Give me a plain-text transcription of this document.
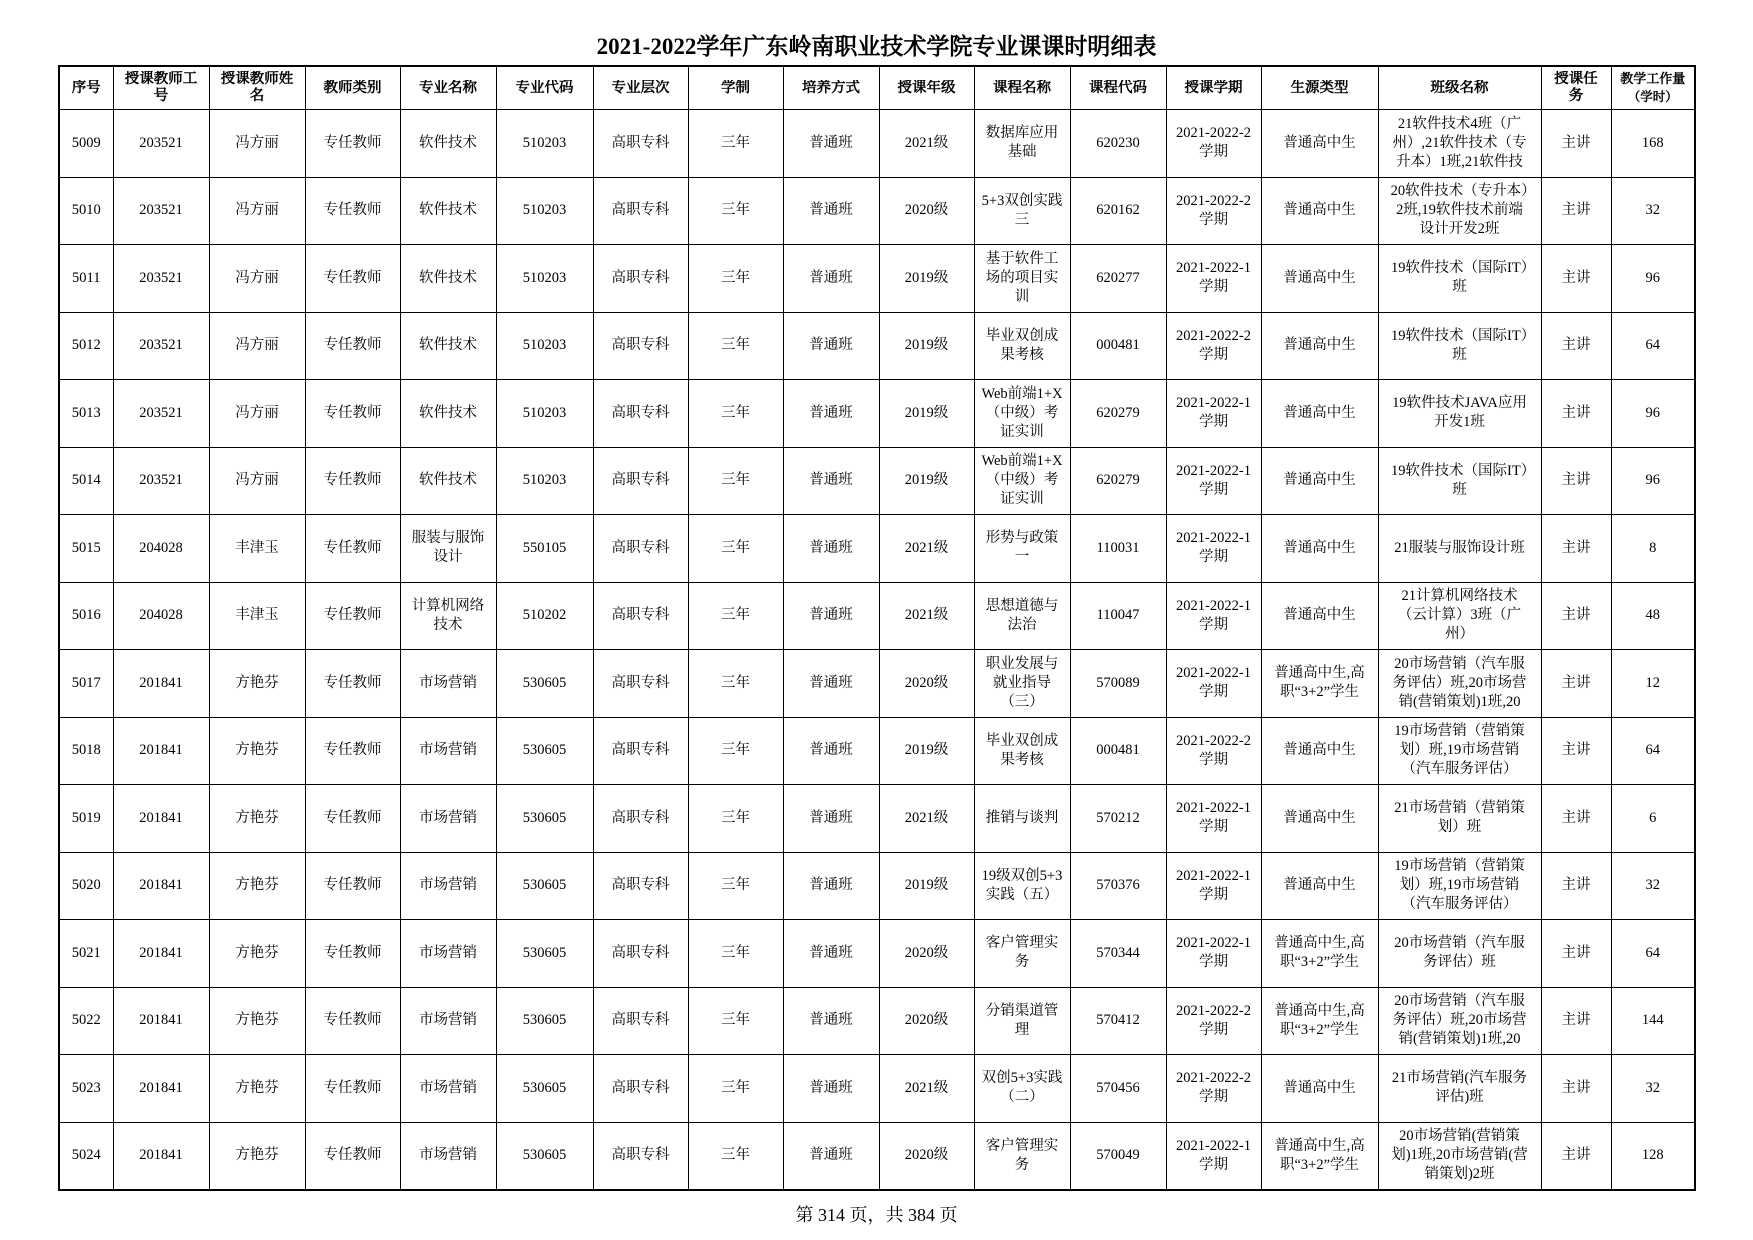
2021-2022学年广东岭南职业技术学院专业课课时明细表
序号	授课教师工号	授课教师姓名	教师类别	专业名称	专业代码	专业层次	学制	培养方式	授课年级	课程名称	课程代码	授课学期	生源类型	班级名称	授课任务	教学工作量
（学时）

5009	203521	冯方丽	专任教师	软件技术	510203	高职专科	三年	普通班	2021级	数据库应用基础	620230	2021-2022-2学期	普通高中生	21软件技术4班（广州）,21软件技术（专升本）1班,21软件技	主讲	168

5010	203521	冯方丽	专任教师	软件技术	510203	高职专科	三年	普通班	2020级	5+3双创实践三	620162	2021-2022-2学期	普通高中生	20软件技术（专升本）2班,19软件技术前端设计开发2班	主讲	32

5011	203521	冯方丽	专任教师	软件技术	510203	高职专科	三年	普通班	2019级	基于软件工场的项目实训	620277	2021-2022-1学期	普通高中生	19软件技术（国际IT）班	主讲	96

5012	203521	冯方丽	专任教师	软件技术	510203	高职专科	三年	普通班	2019级	毕业双创成果考核	000481	2021-2022-2学期	普通高中生	19软件技术（国际IT）班	主讲	64

5013	203521	冯方丽	专任教师	软件技术	510203	高职专科	三年	普通班	2019级	Web前端1+X（中级）考证实训	620279	2021-2022-1学期	普通高中生	19软件技术JAVA应用开发1班	主讲	96

5014	203521	冯方丽	专任教师	软件技术	510203	高职专科	三年	普通班	2019级	Web前端1+X（中级）考证实训	620279	2021-2022-1学期	普通高中生	19软件技术（国际IT）班	主讲	96

5015	204028	丰津玉	专任教师	服装与服饰设计	550105	高职专科	三年	普通班	2021级	形势与政策一	110031	2021-2022-1学期	普通高中生	21服装与服饰设计班	主讲	8

5016	204028	丰津玉	专任教师	计算机网络技术	510202	高职专科	三年	普通班	2021级	思想道德与法治	110047	2021-2022-1学期	普通高中生	21计算机网络技术（云计算）3班（广州）	主讲	48

5017	201841	方艳芬	专任教师	市场营销	530605	高职专科	三年	普通班	2020级	职业发展与就业指导（三）	570089	2021-2022-1学期	普通高中生,高职“3+2”学生	20市场营销（汽车服务评估）班,20市场营销(营销策划)1班,20	主讲	12

5018	201841	方艳芬	专任教师	市场营销	530605	高职专科	三年	普通班	2019级	毕业双创成果考核	000481	2021-2022-2学期	普通高中生	19市场营销（营销策划）班,19市场营销（汽车服务评估）	主讲	64

5019	201841	方艳芬	专任教师	市场营销	530605	高职专科	三年	普通班	2021级	推销与谈判	570212	2021-2022-1学期	普通高中生	21市场营销（营销策划）班	主讲	6

5020	201841	方艳芬	专任教师	市场营销	530605	高职专科	三年	普通班	2019级	19级双创5+3实践（五）	570376	2021-2022-1学期	普通高中生	19市场营销（营销策划）班,19市场营销（汽车服务评估）	主讲	32

5021	201841	方艳芬	专任教师	市场营销	530605	高职专科	三年	普通班	2020级	客户管理实务	570344	2021-2022-1学期	普通高中生,高职“3+2”学生	20市场营销（汽车服务评估）班	主讲	64

5022	201841	方艳芬	专任教师	市场营销	530605	高职专科	三年	普通班	2020级	分销渠道管理	570412	2021-2022-2学期	普通高中生,高职“3+2”学生	20市场营销（汽车服务评估）班,20市场营销(营销策划)1班,20	主讲	144

5023	201841	方艳芬	专任教师	市场营销	530605	高职专科	三年	普通班	2021级	双创5+3实践（二）	570456	2021-2022-2学期	普通高中生	21市场营销(汽车服务评估)班	主讲	32

5024	201841	方艳芬	专任教师	市场营销	530605	高职专科	三年	普通班	2020级	客户管理实务	570049	2021-2022-1学期	普通高中生,高职“3+2”学生	20市场营销(营销策划)1班,20市场营销(营销策划)2班	主讲	128
第 314 页，共 384 页
